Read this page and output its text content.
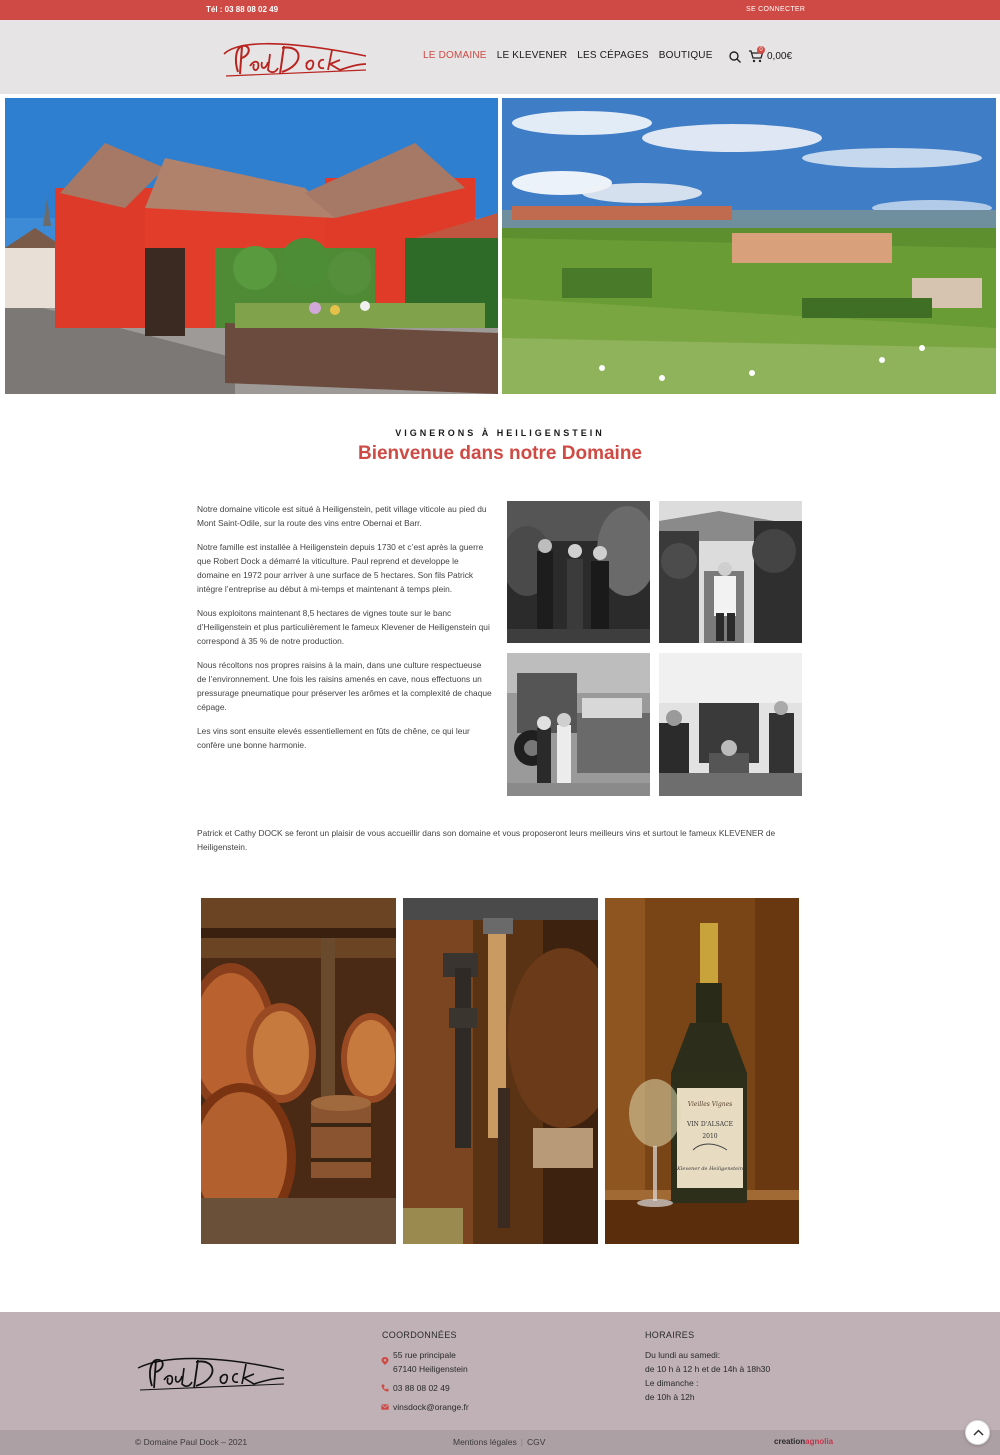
Tél : 03 88 08 02 49	SE CONNECTER
LE DOMAINE LE KLEVENER LES CÉPAGES BOUTIQUE	0
0,00€
VIGNERONS À HEILIGENSTEIN
Bienvenue dans notre Domaine

Notre domaine viticole est situé à Heiligenstein, petit village viticole au pied du Mont Saint-Odile, sur la route des vins entre Obernai et Barr.

Notre famille est installée à Heiligenstein depuis 1730 et c’est après la guerre que Robert Dock a démarré la viticulture. Paul reprend et developpe le domaine en 1972 pour arriver à une surface de 5 hectares. Son fils Patrick intègre l’entreprise au début à mi-temps et maintenant à temps plein.

Nous exploitons maintenant 8,5 hectares de vignes toute sur le banc d’Heiligenstein et plus particulièrement le fameux Klevener de Heiligenstein qui correspond à 35 % de notre production.

Nous récoltons nos propres raisins à la main, dans une culture respectueuse de l’environnement. Une fois les raisins amenés en cave, nous effectuons un pressurage pneumatique pour préserver les arômes et la complexité de chaque cépage.

Les vins sont ensuite elevés essentiellement en fûts de chêne, ce qui leur confère une bonne harmonie.

Patrick et Cathy DOCK se feront un plaisir de vous accueillir dans son domaine et vous proposeront leurs meilleurs vins et surtout le fameux KLEVENER de Heiligenstein.

Vieilles Vignes
VIN D'ALSACE
2010
Klevener de Heiligenstein
COORDONNÉES
55 rue principale
67140 Heiligenstein
03 88 08 02 49
vinsdock@orange.fr
HORAIRES
Du lundi au samedi:
de 10 h à 12 h et de 14h à 18h30
Le dimanche :
de 10h à 12h
© Domaine Paul Dock – 2021	Mentions légales | CGV	creationagnolia
